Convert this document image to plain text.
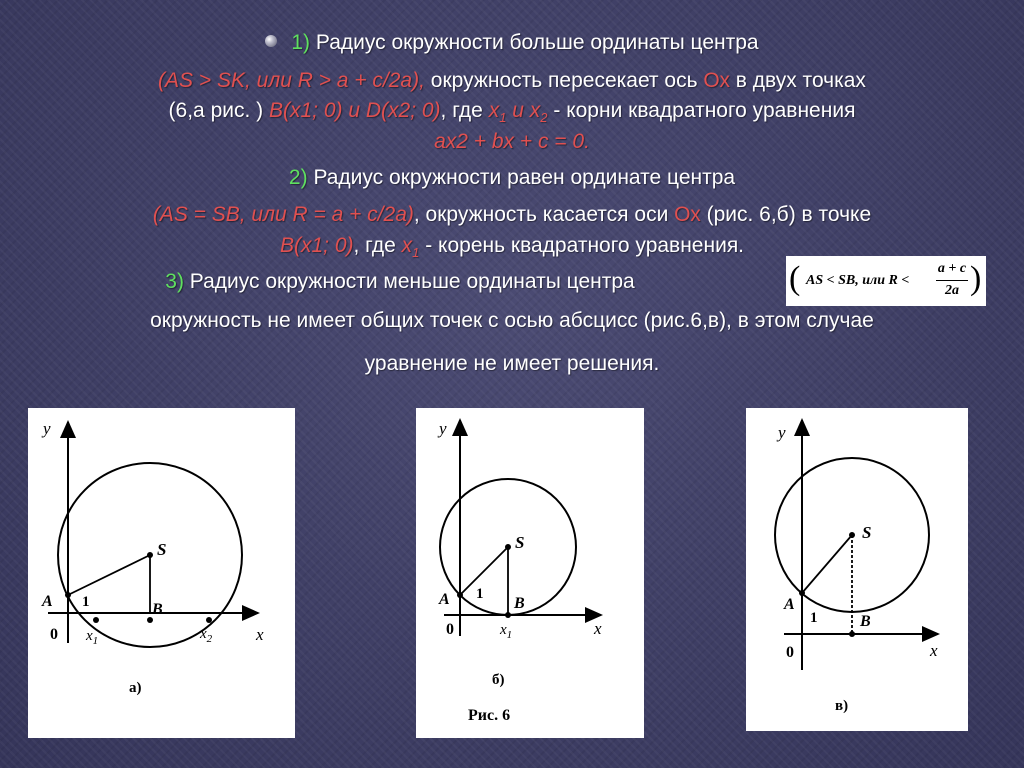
1) Радиус окружности больше ординаты центра
(AS > SK, или R > a + c/2a), окружность пересекает ось Ох в двух точках
(6,а рис. ) B(x1; 0) и D(x2; 0), где $x_1$ и $x_2$ - корни квадратного уравнения
ax2 + bx + c = 0.
2) Радиус окружности равен ординате центра
(AS = SB, или R = a + c/2a), окружность касается оси Ох (рис. 6,б) в точке
B(x1; 0), где $x_1$ - корень квадратного уравнения.
3) Радиус окружности меньше ординаты центра	( AS < SB, или R <
a + c
2a )
окружность не имеет общих точек с осью абсцисс (рис.6,в), в этом случае
уравнение не имеет решения.
y
x
S
A 1	B
0 $x_1$	$x_2$
а)
y
x
S
A 1
B
0	$x_1$
б)
Рис. 6
y
x
S
A
1	B
0
в)
